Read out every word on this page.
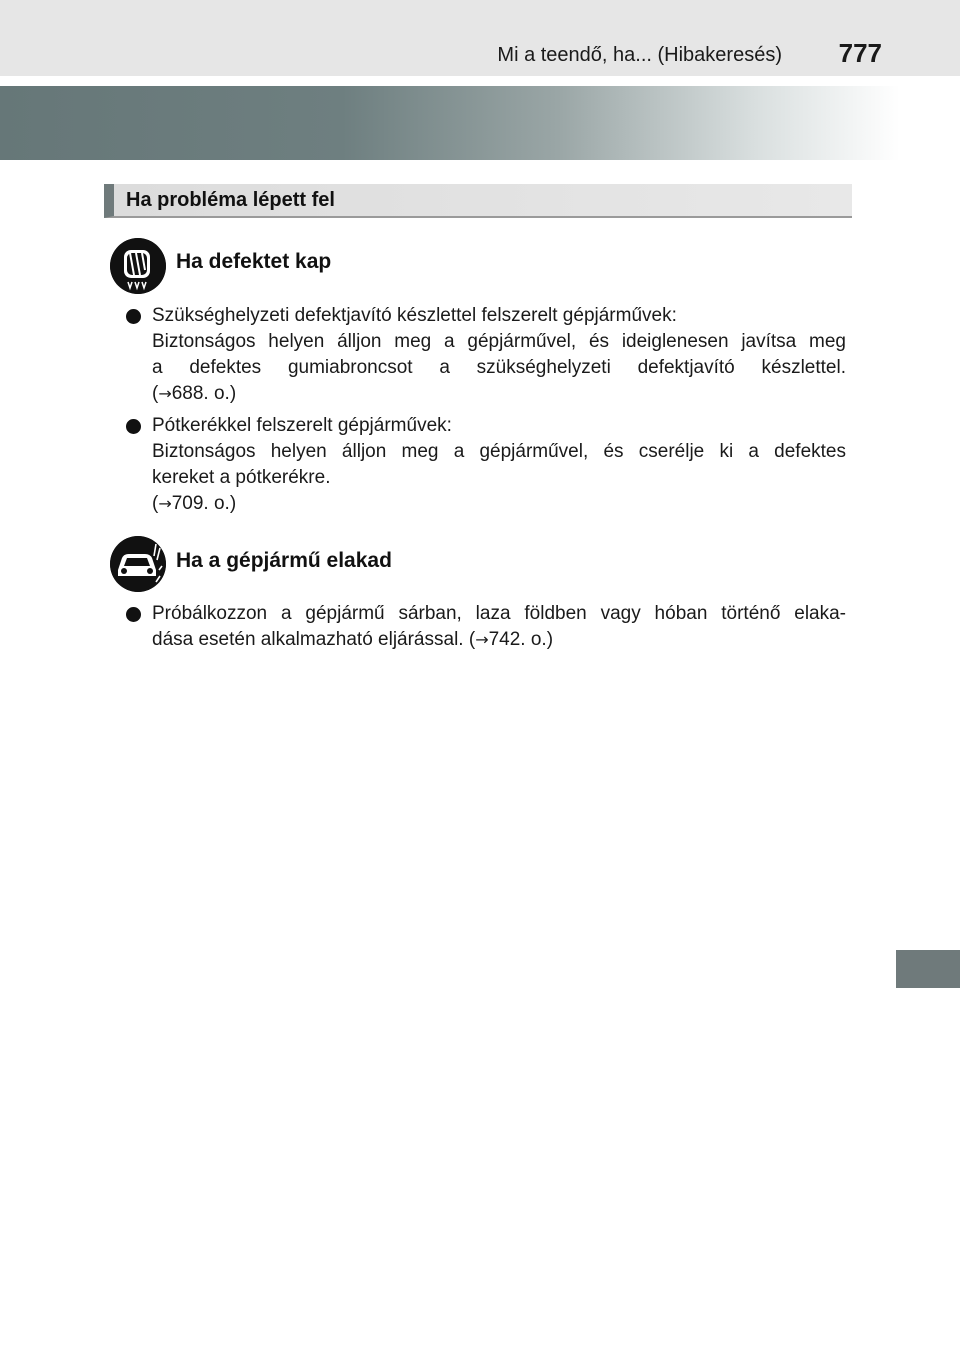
Mi a teendő, ha... (Hibakeresés) 777
Ha probléma lépett fel
Ha defektet kap

Szükséghelyzeti defektjavító készlettel felszerelt gépjárművek:
Biztonságos helyen álljon meg a gépjárművel, és ideiglenesen javítsa meg
a defektes gumiabroncsot a szükséghelyzeti defektjavító készlettel.
(→688. o.)

Pótkerékkel felszerelt gépjárművek:
Biztonságos helyen álljon meg a gépjárművel, és cserélje ki a defektes
kereket a pótkerékre.
(→709. o.)

Ha a gépjármű elakad

Próbálkozzon a gépjármű sárban, laza földben vagy hóban történő elaka-
dása esetén alkalmazható eljárással. (→742. o.)
